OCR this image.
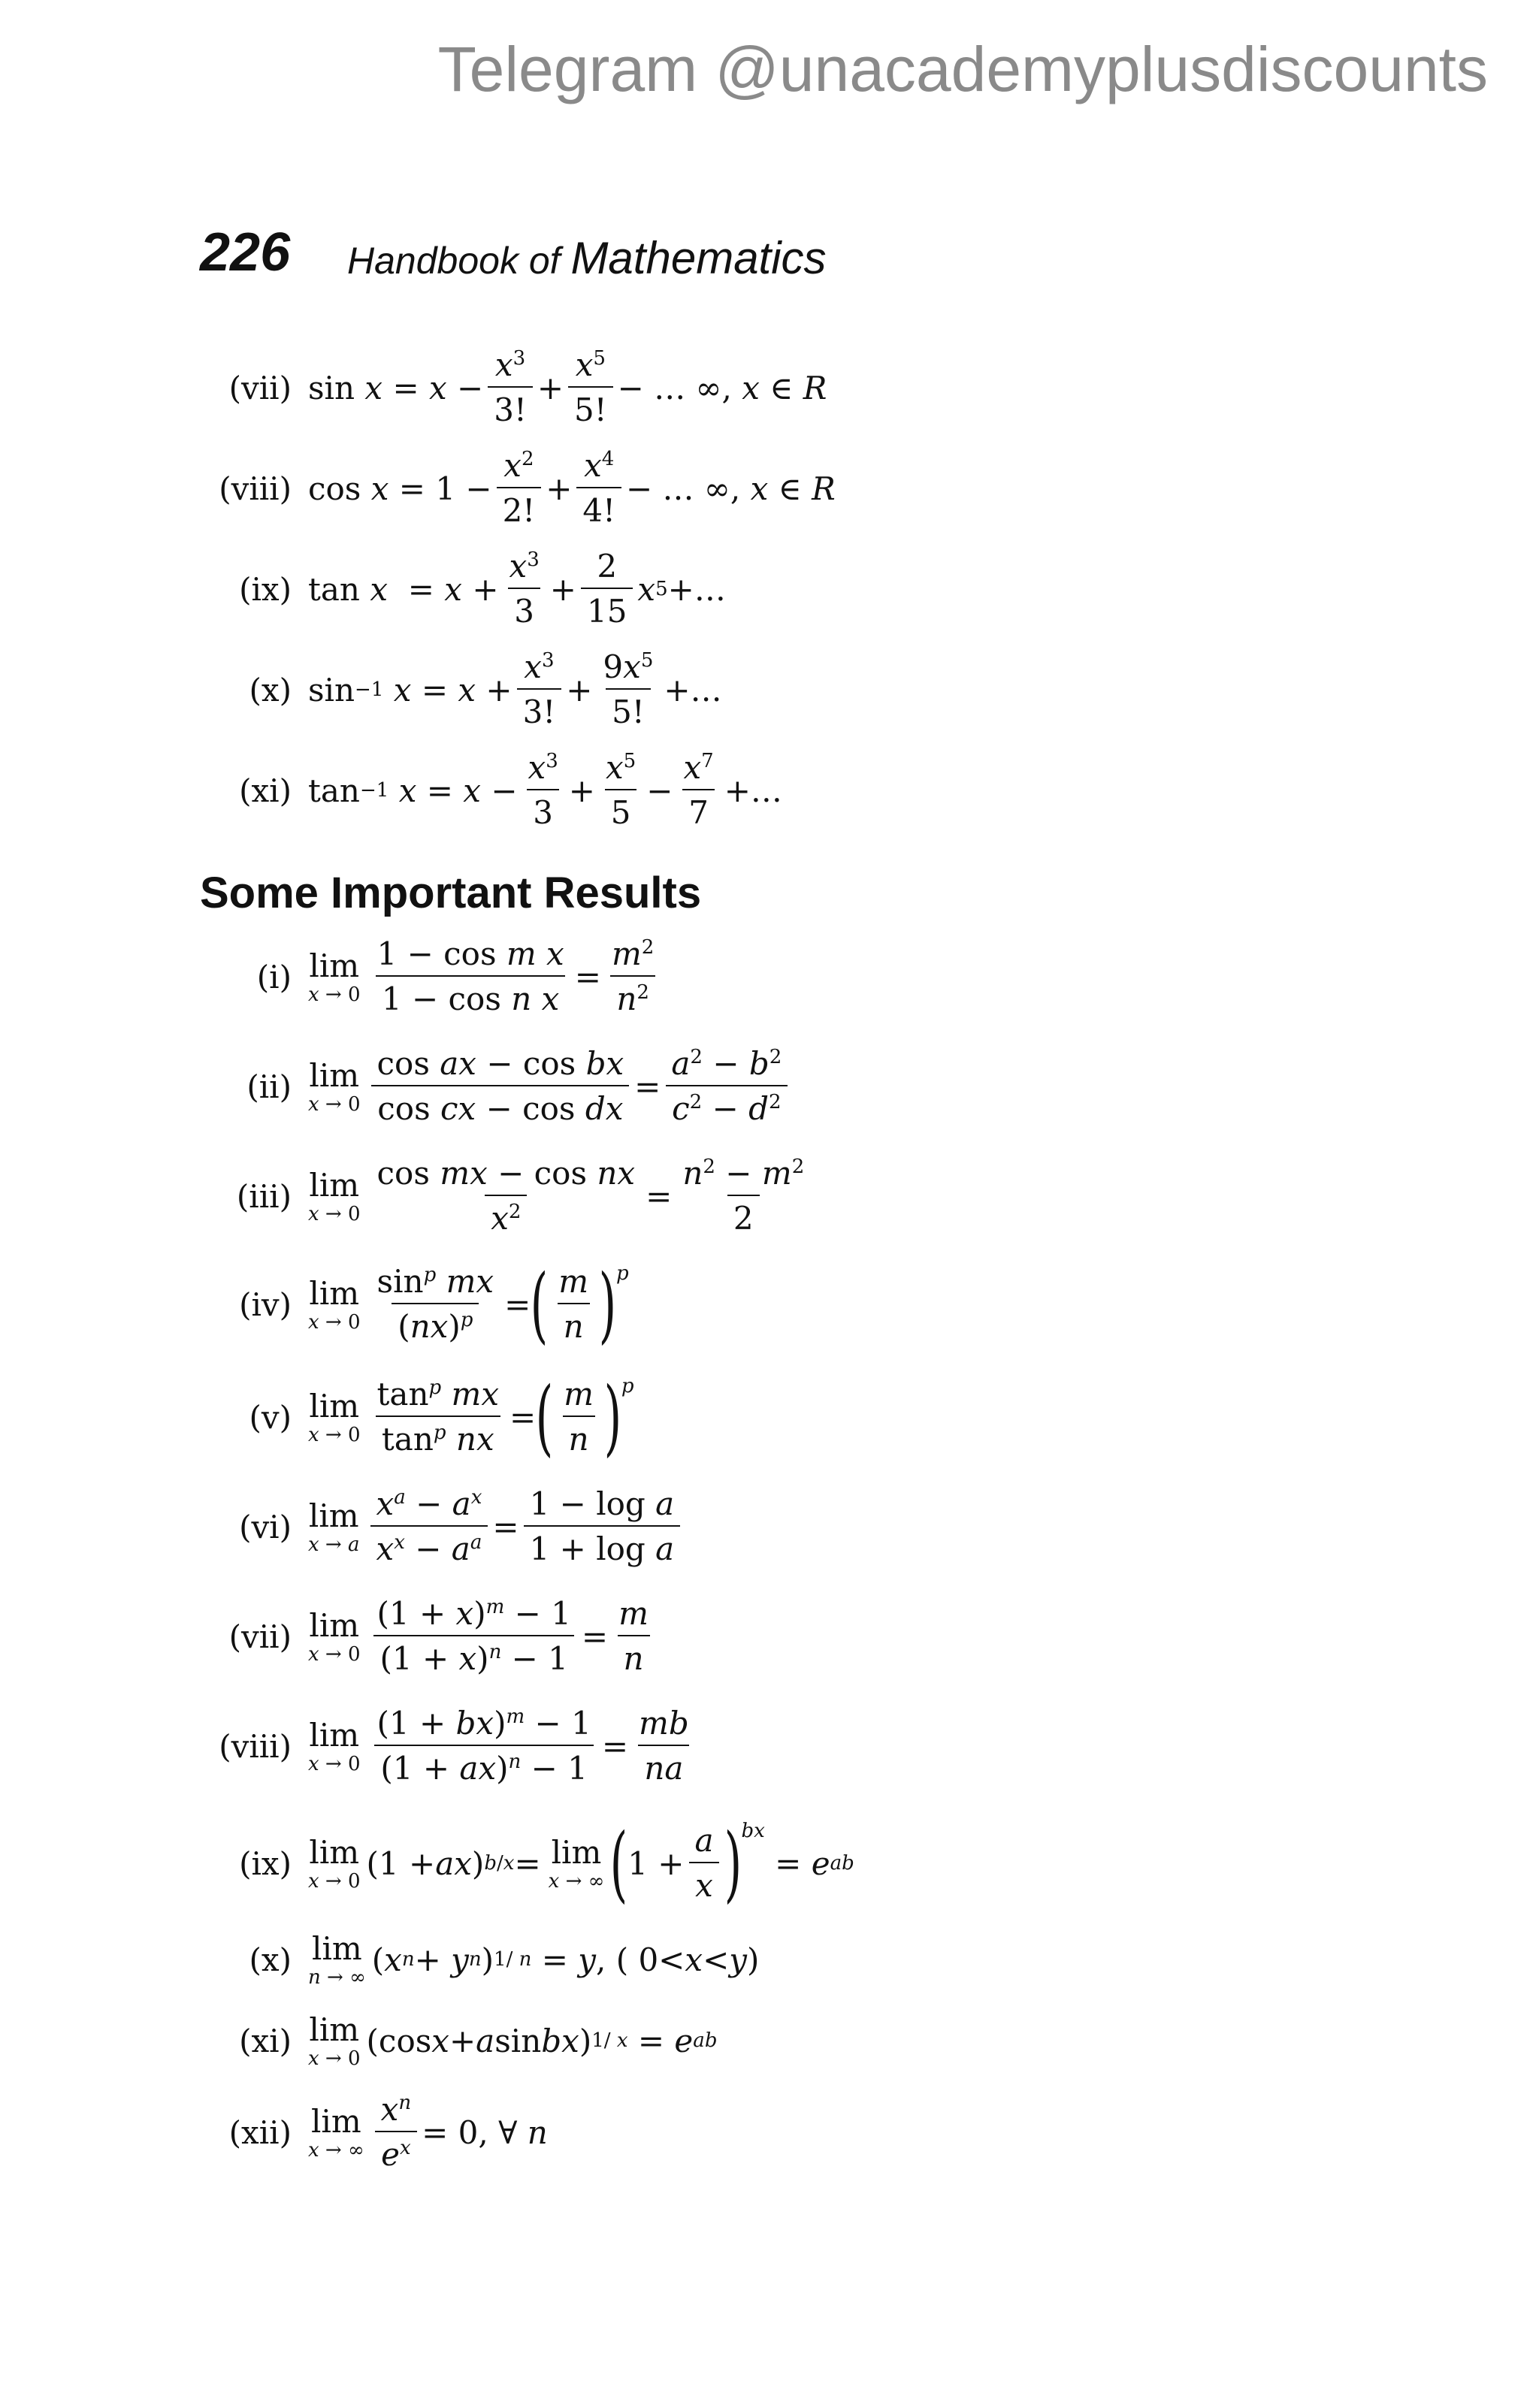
Telegram @unacademyplusdiscounts
226 Handbook of Mathematics
(vii) $\sin x = x - \frac{x^3}{3!} + \frac{x^5}{5!}$ − … ∞, x ∈ R
(viii) $\cos x = 1 - \frac{x^2}{2!} + \frac{x^4}{4!}$ − … ∞, x ∈ R
(ix) $\tan x = x + \frac{x^3}{3} + \frac{2}{15}$ x 5 +…
(x) sin −1 $x = x + \frac{x^3}{3!} + \frac{9x^5}{5!}$ +…
(xi) tan −1 $x = x - \frac{x^3}{3} + \frac{x^5}{5} - \frac{x^7}{7}$ +…
Some Important Results
(i) lim
$x \to 0 \frac{\text{1 − cos m x}}{\text{1 − cos n x}} = \frac{m^2}{n^2}$
(ii) lim
$x \to 0 \frac{\text{cos ax − cos bx}}{\text{cos cx − cos dx}} = \frac{a^2 - b^2}{c^2 - d^2}$
(iii) lim
$x \to 0 \frac{\text{cos mx − cos nx}}{x^2} = \frac{n^2 - m^2}{2}$
(iv) lim
$x \to 0 \frac{\sin^p mx}{(nx)^p}$ = ( $\frac{m}{n}$ ) $^p$
(v) lim
$x \to 0 \frac{\tan^p mx}{\tan^p nx}$ = ( $\frac{m}{n}$ ) $^p$
(vi) lim
x → a $\frac{x^a - a^x}{x^x - a^a} = \frac{\text{1 − log a}}{\text{1 + log a}}$
(vii) lim
$x \to 0 \frac{(1 + x)^m - 1}{(1 + x)^n - 1} = \frac{m}{n}$
(viii) lim
$x \to 0 \frac{(1 + bx)^m - 1}{(1 + ax)^n - 1} = \frac{mb}{na}$
(ix) lim
x → 0 (1 + ax ) b/x = lim
x → ∞ ( $1 + \frac{a}{x}$ ) $^{bx}$
= e ab
(x) lim
n → ∞ ( x n + y n ) 1/ n = y , ( 0< x < y )
(xi) lim
x → 0 (cos x + a sin bx ) 1/ x = e ab
(xii) lim
x → ∞ $\frac{x^n}{e^x} = 0$, ∀ n
